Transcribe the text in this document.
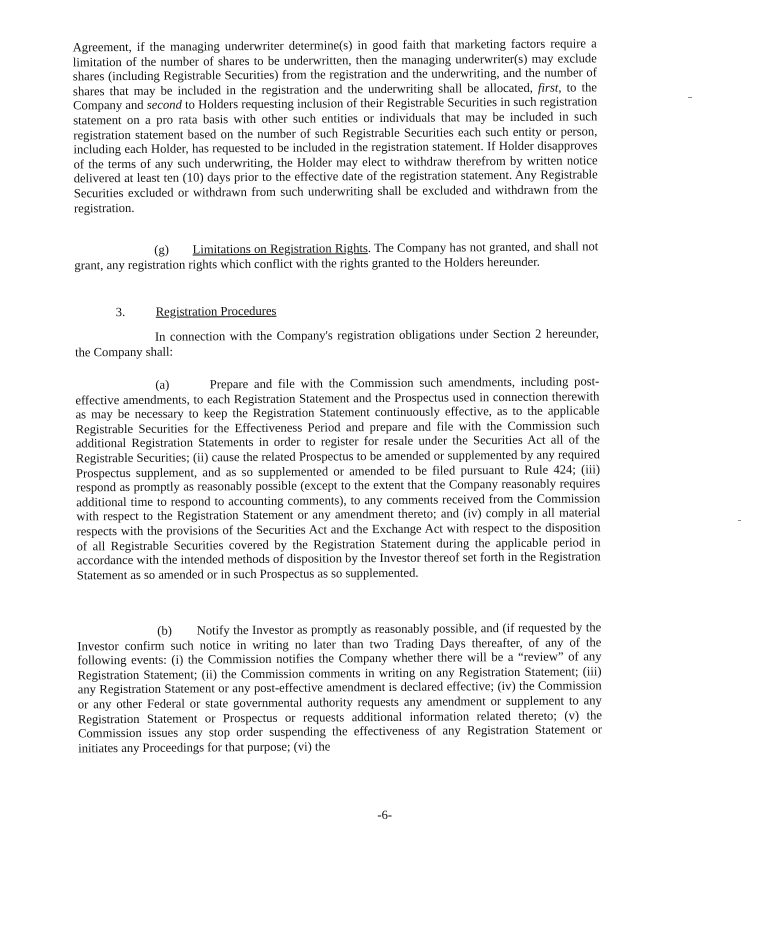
Agreement, if the managing underwriter determine(s) in good faith that marketing factors require a limitation of the number of shares to be underwritten, then the managing underwriter(s) may exclude shares (including Registrable Securities) from the registration and the underwriting, and the number of shares that may be included in the registration and the underwriting shall be allocated, first, to the Company and second to Holders requesting inclusion of their Registrable Securities in such registration statement on a pro rata basis with other such entities or individuals that may be included in such registration statement based on the number of such Registrable Securities each such entity or person, including each Holder, has requested to be included in the registration statement. If Holder disapproves of the terms of any such underwriting, the Holder may elect to withdraw therefrom by written notice delivered at least ten (10) days prior to the effective date of the registration statement. Any Registrable Securities excluded or withdrawn from such underwriting shall be excluded and withdrawn from the registration.

(g) Limitations on Registration Rights. The Company has not granted, and shall not grant, any registration rights which conflict with the rights granted to the Holders hereunder.

3. Registration Procedures

In connection with the Company's registration obligations under Section 2 hereunder, the Company shall:

(a)	Prepare and file with the Commission such amendments, including post-effective amendments, to each Registration Statement and the Prospectus used in connection therewith as may be necessary to keep the Registration Statement continuously effective, as to the applicable Registrable Securities for the Effectiveness Period and prepare and file with the Commission such additional Registration Statements in order to register for resale under the Securities Act all of the Registrable Securities; (ii) cause the related Prospectus to be amended or supplemented by any required Prospectus supplement, and as so supplemented or amended to be filed pursuant to Rule 424; (iii) respond as promptly as reasonably possible (except to the extent that the Company reasonably requires additional time to respond to accounting comments), to any comments received from the Commission with respect to the Registration Statement or any amendment thereto; and (iv) comply in all material respects with the provisions of the Securities Act and the Exchange Act with respect to the disposition of all Registrable Securities covered by the Registration Statement during the applicable period in accordance with the intended methods of disposition by the Investor thereof set forth in the Registration Statement as so amended or in such Prospectus as so supplemented.

(b) Notify the Investor as promptly as reasonably possible, and (if requested by the Investor confirm such notice in writing no later than two Trading Days thereafter, of any of the following events: (i) the Commission notifies the Company whether there will be a “review” of any Registration Statement; (ii) the Commission comments in writing on any Registration Statement; (iii) any Registration Statement or any post-effective amendment is declared effective; (iv) the Commission or any other Federal or state governmental authority requests any amendment or supplement to any Registration Statement or Prospectus or requests additional information related thereto; (v) the Commission issues any stop order suspending the effectiveness of any Registration Statement or initiates any Proceedings for that purpose; (vi) the

-6-
